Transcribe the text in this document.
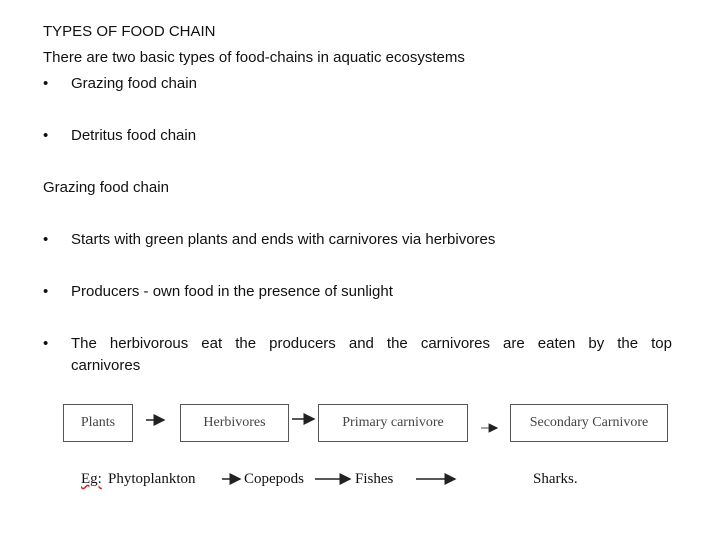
TYPES OF FOOD CHAIN
There are two basic types of food-chains in aquatic ecosystems
• Grazing food chain
• Detritus food chain
Grazing food chain
• Starts with green plants and ends with carnivores via herbivores
• Producers - own food in the presence of sunlight
• The herbivorous eat the producers and the carnivores are eaten by the top
carnivores
Plants	Herbivores	Primary carnivore	Secondary Carnivore
Eg: Phytoplankton	Copepods	Fishes	Sharks.
